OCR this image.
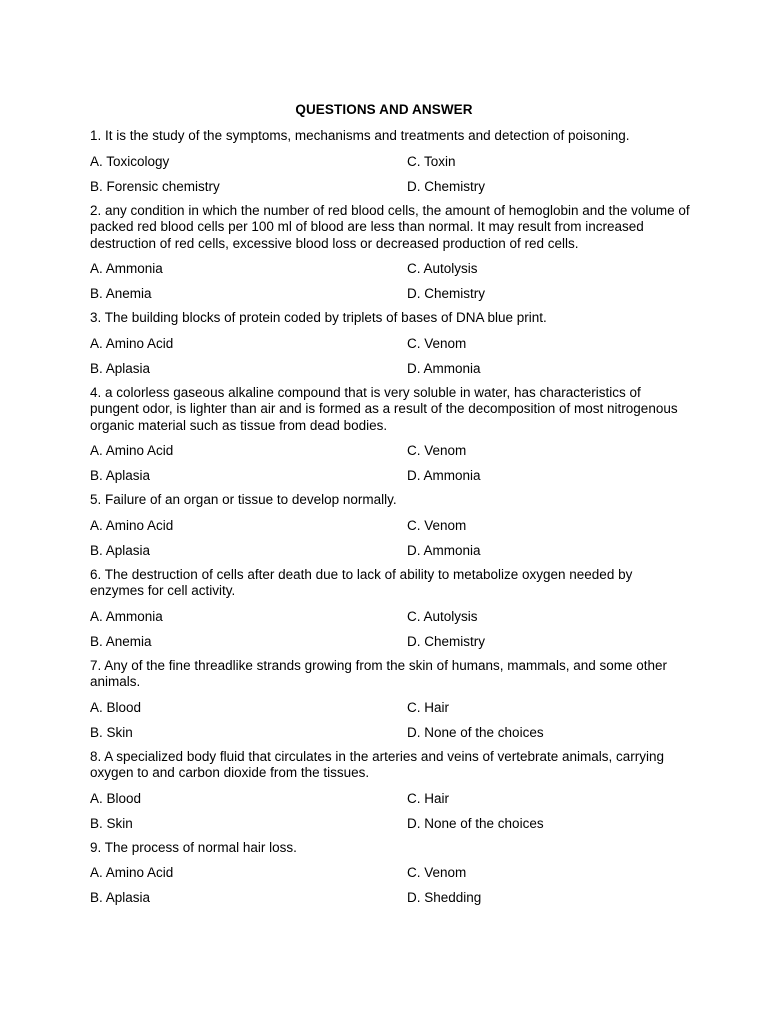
QUESTIONS AND ANSWER
1. It is the study of the symptoms, mechanisms and treatments and detection of poisoning.
A. Toxicology	C. Toxin
B. Forensic chemistry	D. Chemistry
2. any condition in which the number of red blood cells, the amount of hemoglobin and the volume of packed red blood cells per 100 ml of blood are less than normal. It may result from increased destruction of red cells, excessive blood loss or decreased production of red cells.
A. Ammonia	C. Autolysis
B. Anemia	D. Chemistry
3. The building blocks of protein coded by triplets of bases of DNA blue print.
A. Amino Acid	C. Venom
B. Aplasia	D. Ammonia
4. a colorless gaseous alkaline compound that is very soluble in water, has characteristics of pungent odor, is lighter than air and is formed as a result of the decomposition of most nitrogenous organic material such as tissue from dead bodies.
A. Amino Acid	C. Venom
B. Aplasia	D. Ammonia
5. Failure of an organ or tissue to develop normally.
A. Amino Acid	C. Venom
B. Aplasia	D. Ammonia
6. The destruction of cells after death due to lack of ability to metabolize oxygen needed by enzymes for cell activity.
A. Ammonia	C. Autolysis
B. Anemia	D. Chemistry
7. Any of the fine threadlike strands growing from the skin of humans, mammals, and some other animals.
A. Blood	C. Hair
B. Skin	D. None of the choices
8. A specialized body fluid that circulates in the arteries and veins of vertebrate animals, carrying oxygen to and carbon dioxide from the tissues.
A. Blood	C. Hair
B. Skin	D. None of the choices
9. The process of normal hair loss.
A. Amino Acid	C. Venom
B. Aplasia	D. Shedding
